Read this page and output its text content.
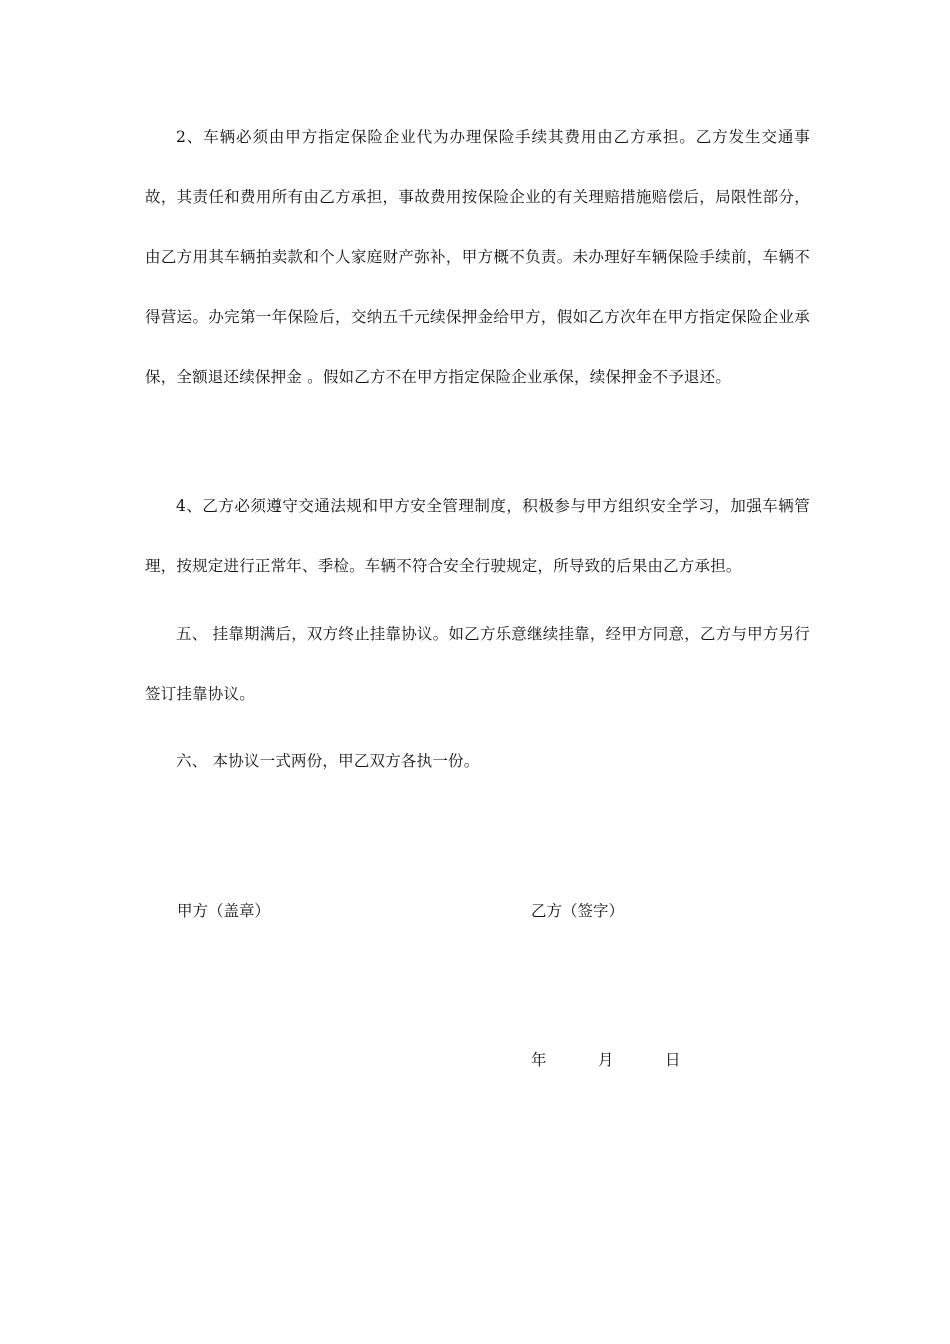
2、车辆必须由甲方指定保险企业代为办理保险手续其费用由乙方承担。乙方发生交通事故，其责任和费用所有由乙方承担，事故费用按保险企业的有关理赔措施赔偿后，局限性部分，由乙方用其车辆拍卖款和个人家庭财产弥补，甲方概不负责。未办理好车辆保险手续前，车辆不得营运。办完第一年保险后，交纳五千元续保押金给甲方，假如乙方次年在甲方指定保险企业承保，全额退还续保押金 。假如乙方不在甲方指定保险企业承保，续保押金不予退还。

4、乙方必须遵守交通法规和甲方安全管理制度，积极参与甲方组织安全学习，加强车辆管理，按规定进行正常年、季检。车辆不符合安全行驶规定，所导致的后果由乙方承担。

五、 挂靠期满后，双方终止挂靠协议。如乙方乐意继续挂靠，经甲方同意，乙方与甲方另行签订挂靠协议。

六、 本协议一式两份，甲乙双方各执一份。

甲方（盖章）	乙方（签字）
年	月	日
